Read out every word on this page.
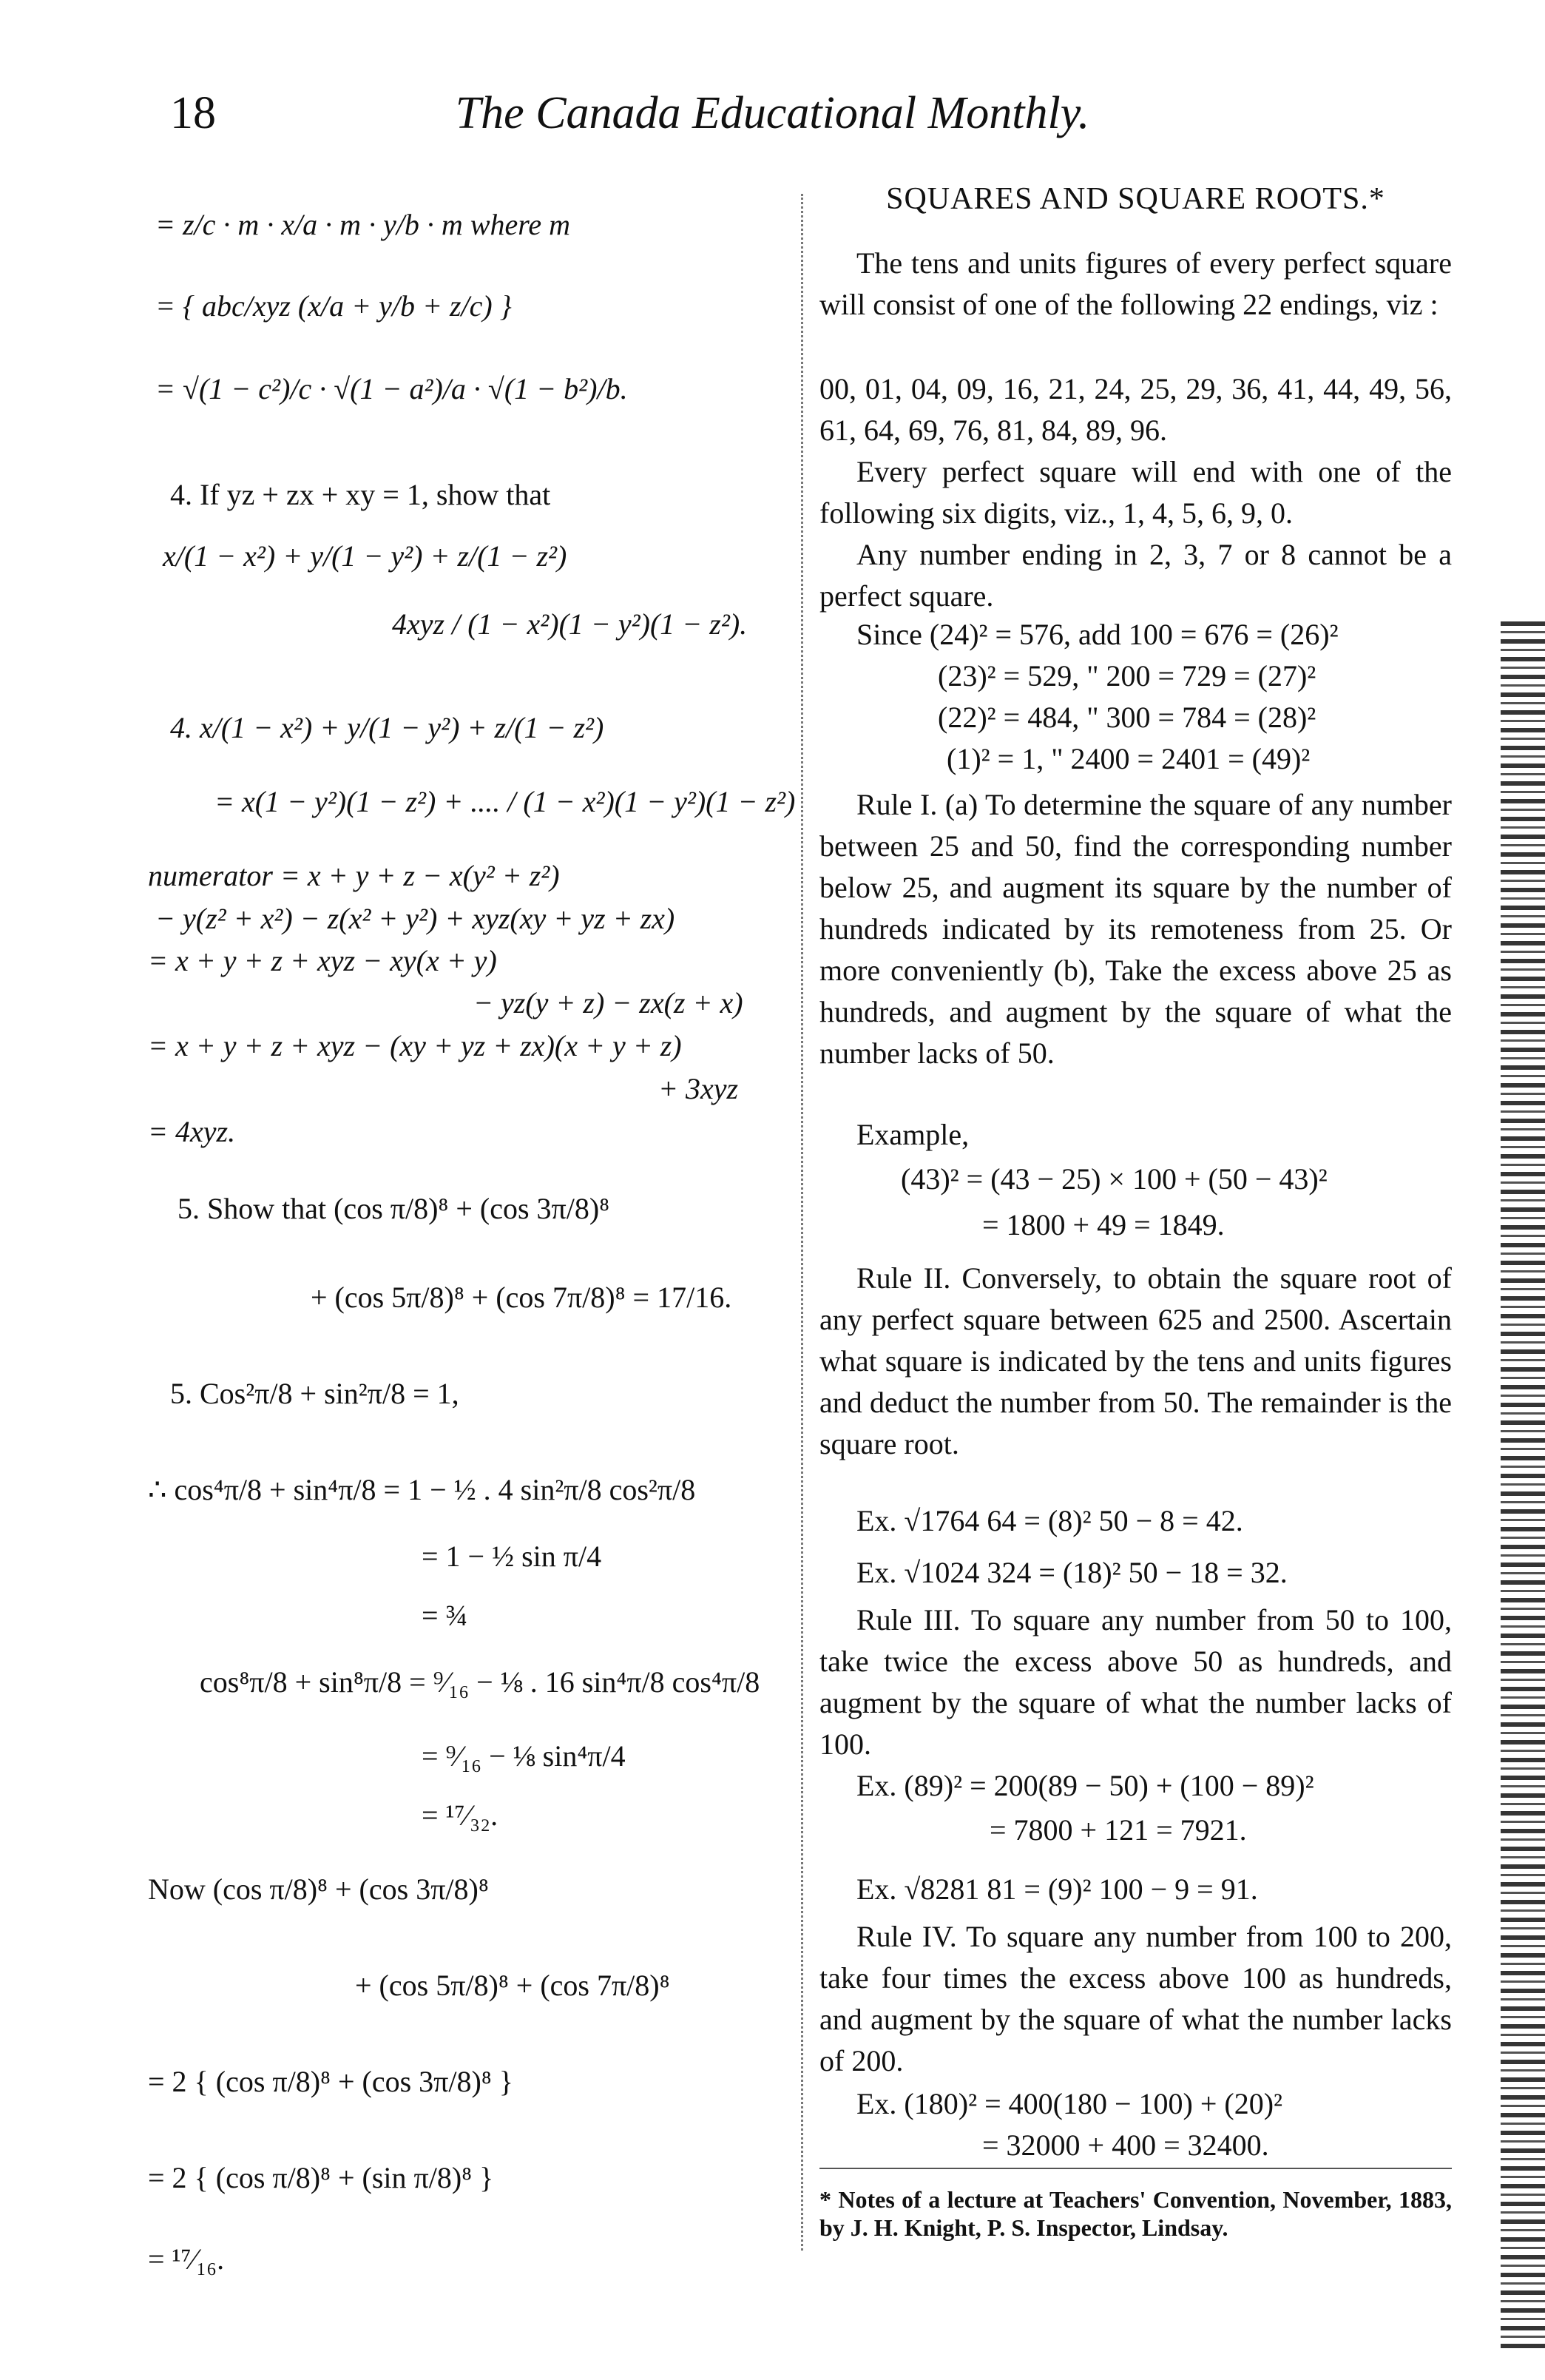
18	The Canada Educational Monthly.
= z/c · m · x/a · m · y/b · m where m
= { abc/xyz (x/a + y/b + z/c) }
= √(1 − c²)/c · √(1 − a²)/a · √(1 − b²)/b.
4. If yz + zx + xy = 1, show that
x/(1 − x²) + y/(1 − y²) + z/(1 − z²)
4xyz / (1 − x²)(1 − y²)(1 − z²).
4. x/(1 − x²) + y/(1 − y²) + z/(1 − z²)
= x(1 − y²)(1 − z²) + .... / (1 − x²)(1 − y²)(1 − z²)
numerator = x + y + z − x(y² + z²)
− y(z² + x²) − z(x² + y²) + xyz(xy + yz + zx)
= x + y + z + xyz − xy(x + y)
− yz(y + z) − zx(z + x)
= x + y + z + xyz − (xy + yz + zx)(x + y + z)
+ 3xyz
= 4xyz.
5. Show that (cos π/8)⁸ + (cos 3π/8)⁸
+ (cos 5π/8)⁸ + (cos 7π/8)⁸ = 17/16.
5. Cos²π/8 + sin²π/8 = 1,
∴ cos⁴π/8 + sin⁴π/8 = 1 − ½ . 4 sin²π/8 cos²π/8
= 1 − ½ sin π/4
= ¾
cos⁸π/8 + sin⁸π/8 = ⁹⁄₁₆ − ⅛ . 16 sin⁴π/8 cos⁴π/8
= ⁹⁄₁₆ − ⅛ sin⁴π/4
= ¹⁷⁄₃₂.
Now (cos π/8)⁸ + (cos 3π/8)⁸
+ (cos 5π/8)⁸ + (cos 7π/8)⁸
= 2 { (cos π/8)⁸ + (cos 3π/8)⁸ }
= 2 { (cos π/8)⁸ + (sin π/8)⁸ }
= ¹⁷⁄₁₆.
SQUARES AND SQUARE ROOTS.*
The tens and units figures of every perfect square will consist of one of the following 22 endings, viz :
00, 01, 04, 09, 16, 21, 24, 25, 29, 36, 41, 44, 49, 56, 61, 64, 69, 76, 81, 84, 89, 96.
Every perfect square will end with one of the following six digits, viz., 1, 4, 5, 6, 9, 0.
Any number ending in 2, 3, 7 or 8 cannot be a perfect square.
Since (24)² = 576, add 100 = 676 = (26)²
(23)² = 529, " 200 = 729 = (27)²
(22)² = 484, " 300 = 784 = (28)²
(1)² = 1, " 2400 = 2401 = (49)²
Rule I. (a) To determine the square of any number between 25 and 50, find the corresponding number below 25, and augment its square by the number of hundreds indicated by its remoteness from 25. Or more conveniently (b), Take the excess above 25 as hundreds, and augment by the square of what the number lacks of 50.
Example,
(43)² = (43 − 25) × 100 + (50 − 43)²
= 1800 + 49 = 1849.
Rule II. Conversely, to obtain the square root of any perfect square between 625 and 2500. Ascertain what square is indicated by the tens and units figures and deduct the number from 50. The remainder is the square root.
Ex. √1764 64 = (8)² 50 − 8 = 42.
Ex. √1024 324 = (18)² 50 − 18 = 32.
Rule III. To square any number from 50 to 100, take twice the excess above 50 as hundreds, and augment by the square of what the number lacks of 100.
Ex. (89)² = 200(89 − 50) + (100 − 89)²
= 7800 + 121 = 7921.
Ex. √8281 81 = (9)² 100 − 9 = 91.
Rule IV. To square any number from 100 to 200, take four times the excess above 100 as hundreds, and augment by the square of what the number lacks of 200.
Ex. (180)² = 400(180 − 100) + (20)²
= 32000 + 400 = 32400.
* Notes of a lecture at Teachers' Convention, November, 1883, by J. H. Knight, P. S. Inspector, Lindsay.
